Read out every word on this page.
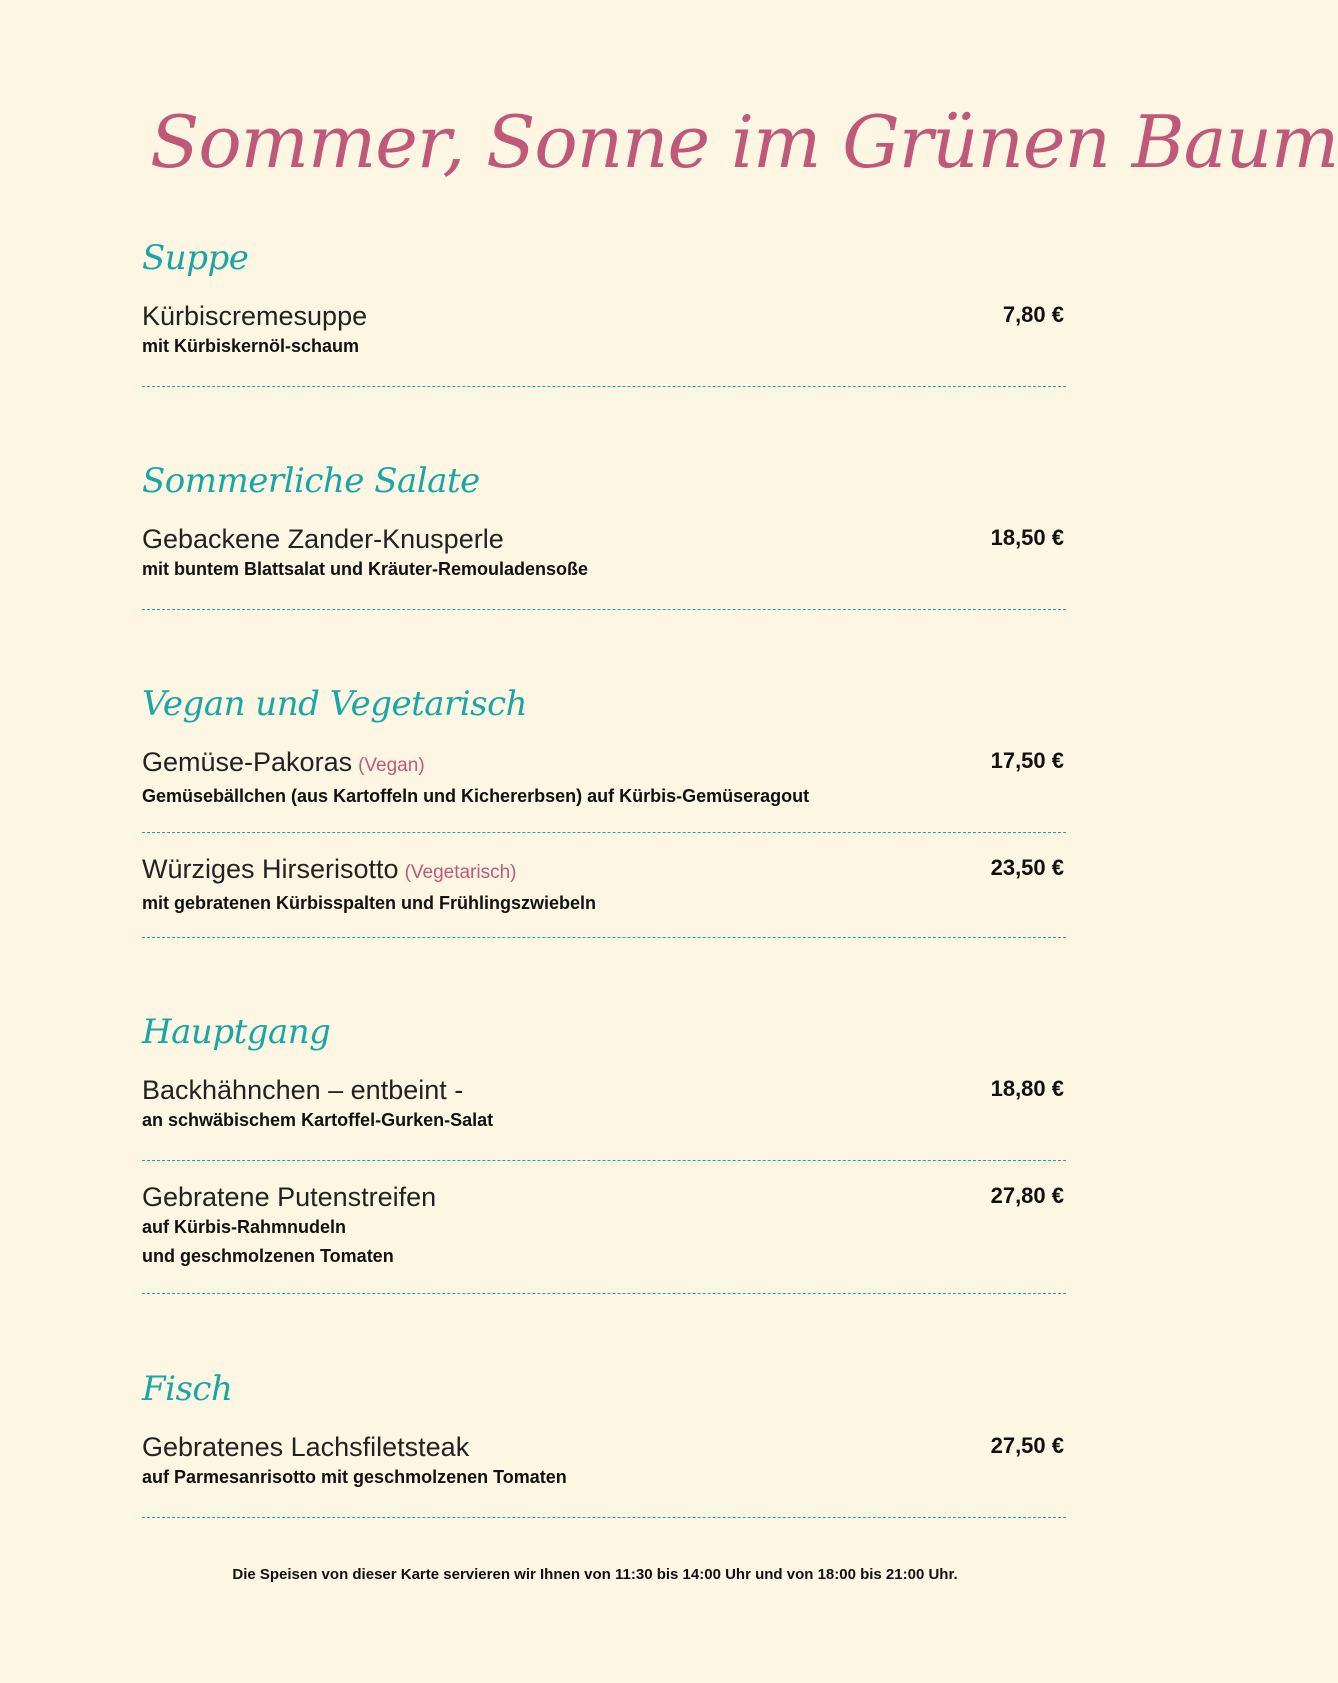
Sommer, Sonne im Grünen Baum
Suppe
Kürbiscremesuppe
mit Kürbiskernöl-schaum
7,80 €
Sommerliche Salate
Gebackene Zander-Knusperle
mit buntem Blattsalat und Kräuter-Remouladensoße
18,50 €
Vegan und Vegetarisch
Gemüse-Pakoras (Vegan)
Gemüsebällchen (aus Kartoffeln und Kichererbsen) auf Kürbis-Gemüseragout
17,50 €
Würziges Hirserisotto (Vegetarisch)
mit gebratenen Kürbisspalten und Frühlingszwiebeln
23,50 €
Hauptgang
Backhähnchen – entbeint -
an schwäbischem Kartoffel-Gurken-Salat
18,80 €
Gebratene Putenstreifen
auf Kürbis-Rahmnudeln
und geschmolzenen Tomaten
27,80 €
Fisch
Gebratenes Lachsfiletsteak
auf Parmesanrisotto mit geschmolzenen Tomaten
27,50 €
Die Speisen von dieser Karte servieren wir Ihnen von 11:30 bis 14:00 Uhr und von 18:00 bis 21:00 Uhr.
